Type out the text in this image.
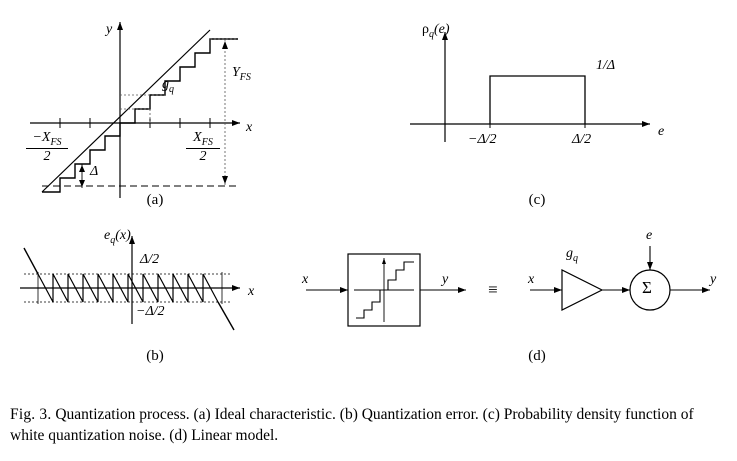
y
x
$g_q$
$Y_{FS}$
Δ
$-X_{FS}$
2
$X_{FS}$
2
(a)
$\rho_q(e)$
e
1/Δ
−Δ/2	Δ/2
(c)
x
Δ/2
−Δ/2
$e_q(x)$
(b)
x	y
≡
x
$g_q$
e
Σ	y
(d)
Fig. 3. Quantization process. (a) Ideal characteristic. (b) Quantization error. (c) Probability density function of white quantization noise. (d) Linear model.
